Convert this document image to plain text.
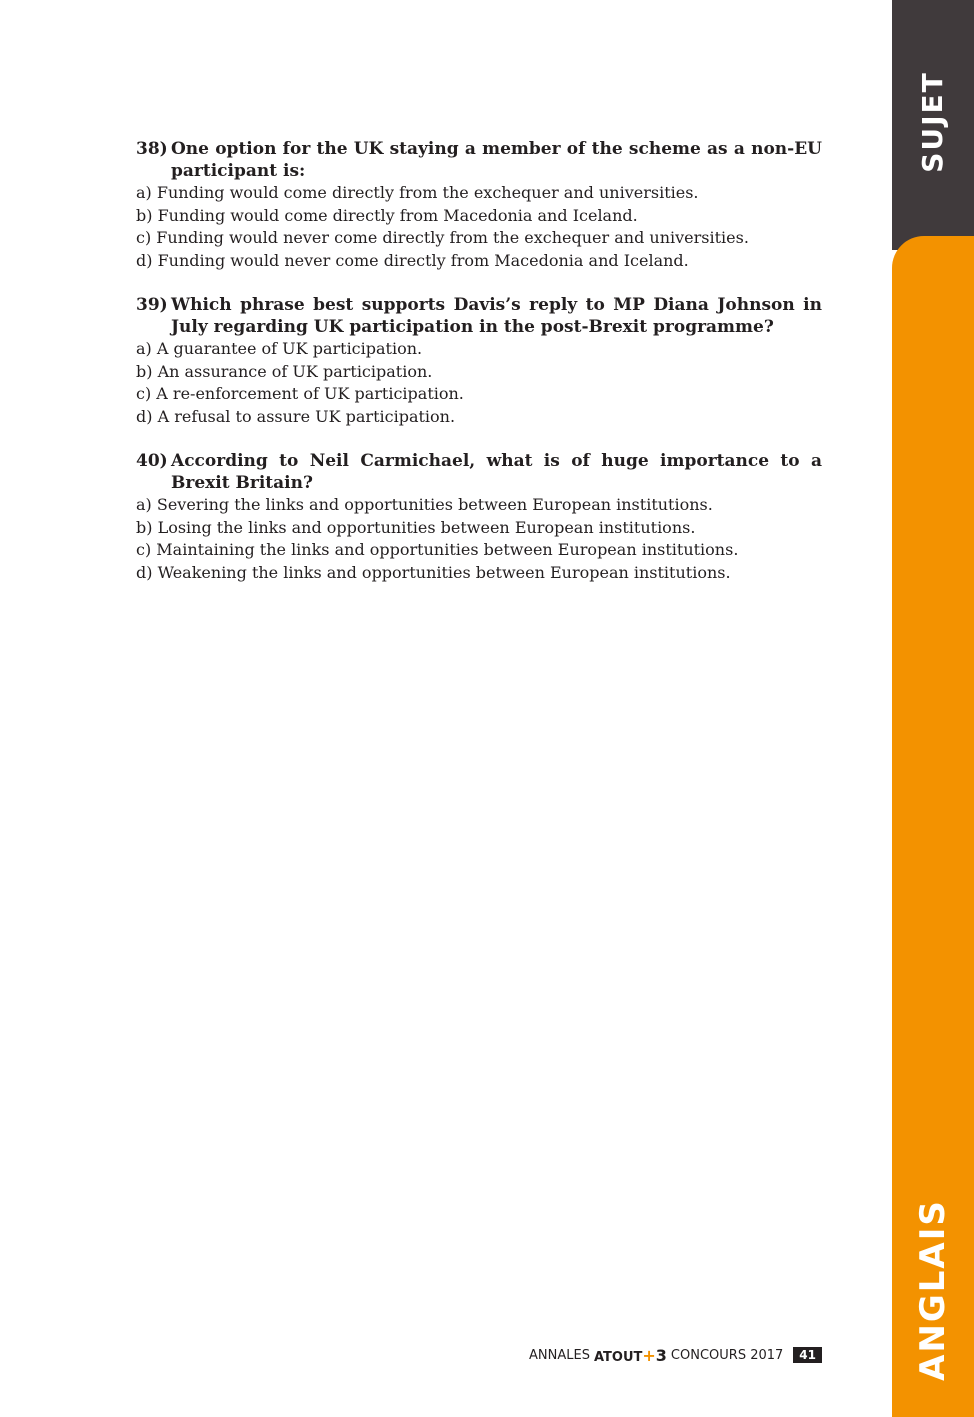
SUJET
ANGLAIS
38) One option for the UK staying a member of the scheme as a non-EU participant is:
a) Funding would come directly from the exchequer and universities.
b) Funding would come directly from Macedonia and Iceland.
c) Funding would never come directly from the exchequer and universities.
d) Funding would never come directly from Macedonia and Iceland.
39) Which phrase best supports Davis’s reply to MP Diana Johnson in July regarding UK participation in the post-Brexit programme?
a) A guarantee of UK participation.
b) An assurance of UK participation.
c) A re-enforcement of UK participation.
d) A refusal to assure UK participation.
40) According to Neil Carmichael, what is of huge importance to a Brexit Britain?
a) Severing the links and opportunities between European institutions.
b) Losing the links and opportunities between European institutions.
c) Maintaining the links and opportunities between European institutions.
d) Weakening the links and opportunities between European institutions.
ANNALES ATOUT + 3 CONCOURS 2017	41
